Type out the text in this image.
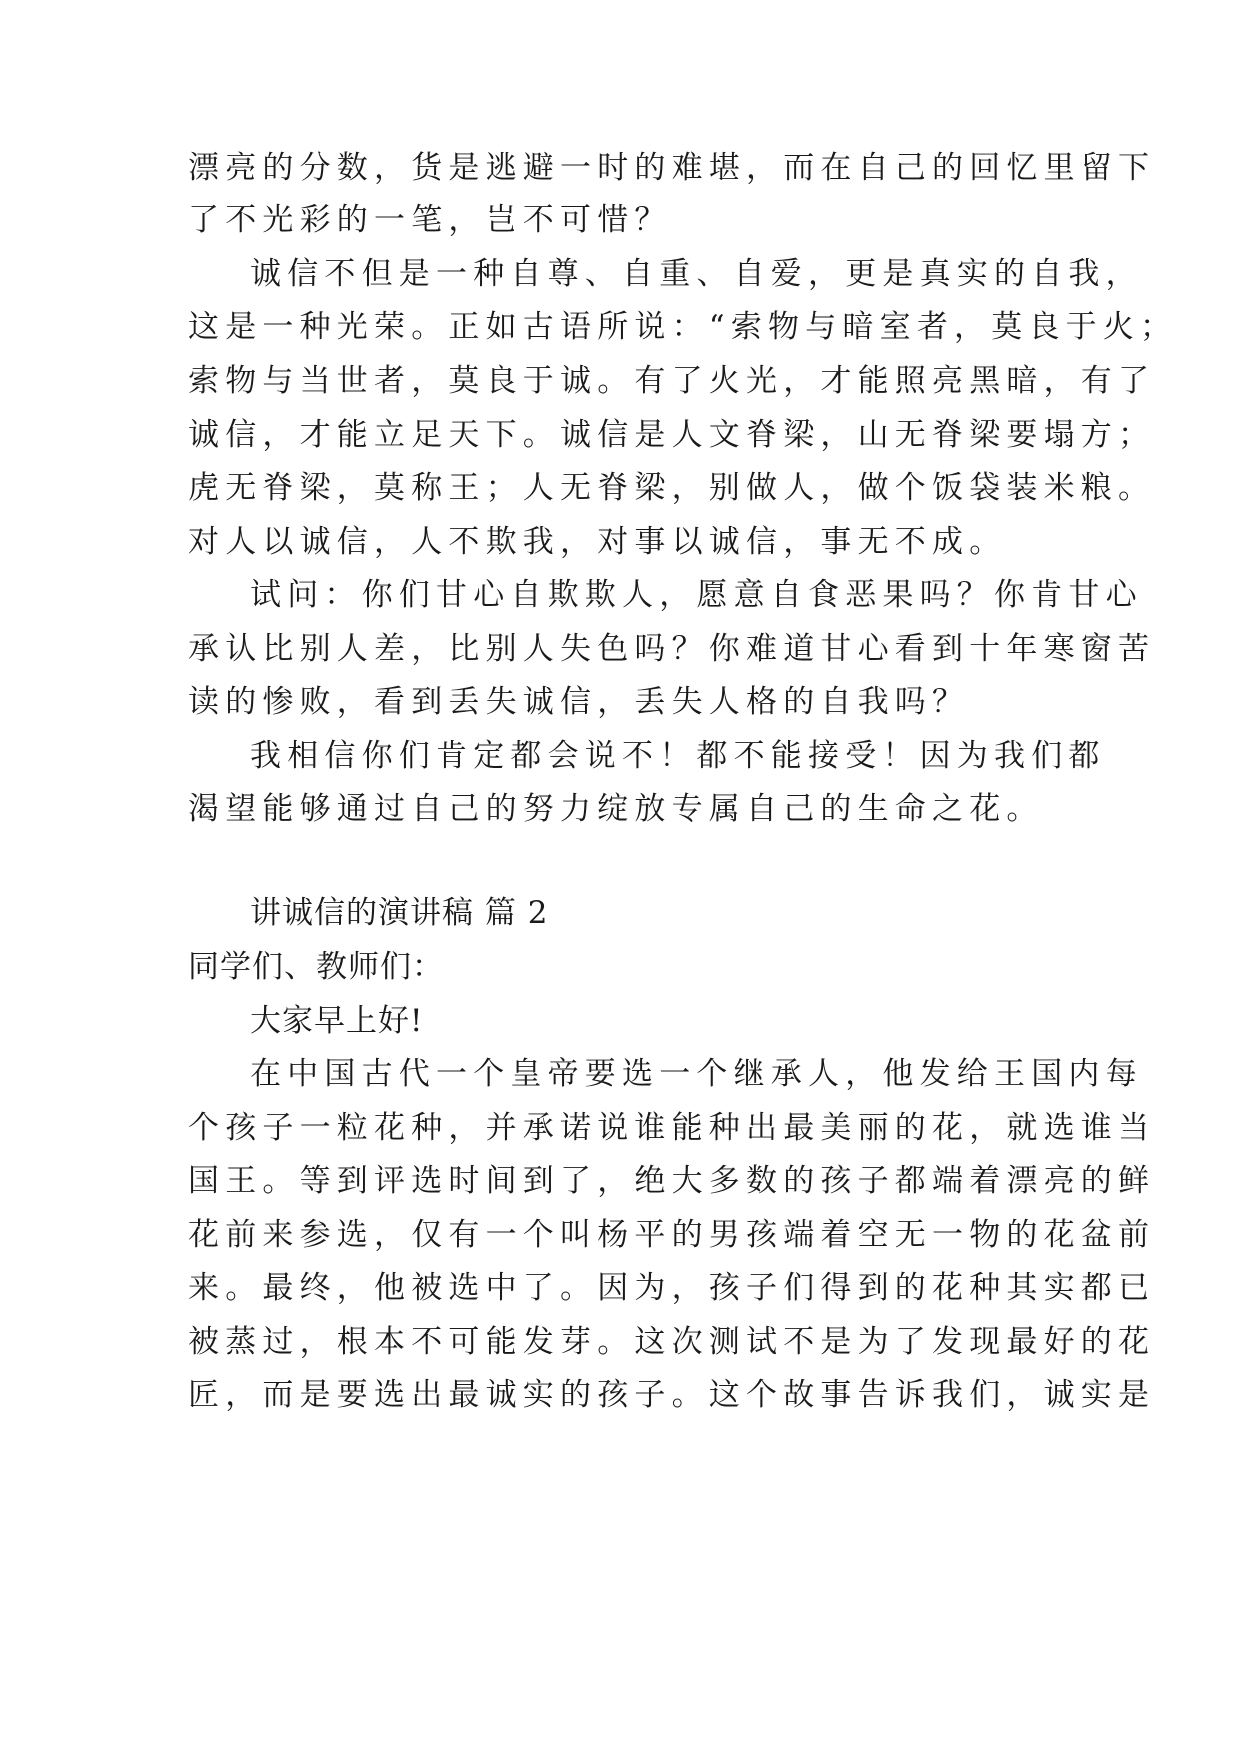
漂亮的分数，货是逃避一时的难堪，而在自己的回忆里留下
了不光彩的一笔，岂不可惜？
诚信不但是一种自尊、自重、自爱，更是真实的自我，
这是一种光荣。正如古语所说：“索物与暗室者，莫良于火；
索物与当世者，莫良于诚。有了火光，才能照亮黑暗，有了
诚信，才能立足天下。诚信是人文脊梁，山无脊梁要塌方；
虎无脊梁，莫称王；人无脊梁，别做人，做个饭袋装米粮。
对人以诚信，人不欺我，对事以诚信，事无不成。
试问：你们甘心自欺欺人，愿意自食恶果吗？你肯甘心
承认比别人差，比别人失色吗？你难道甘心看到十年寒窗苦
读的惨败，看到丢失诚信，丢失人格的自我吗？
我相信你们肯定都会说不！都不能接受！因为我们都
渴望能够通过自己的努力绽放专属自己的生命之花。
讲诚信的演讲稿 篇 2
同学们、教师们：
大家早上好!
在中国古代一个皇帝要选一个继承人，他发给王国内每
个孩子一粒花种，并承诺说谁能种出最美丽的花，就选谁当
国王。等到评选时间到了，绝大多数的孩子都端着漂亮的鲜
花前来参选，仅有一个叫杨平的男孩端着空无一物的花盆前
来。最终，他被选中了。因为，孩子们得到的花种其实都已
被蒸过，根本不可能发芽。这次测试不是为了发现最好的花
匠，而是要选出最诚实的孩子。这个故事告诉我们，诚实是
